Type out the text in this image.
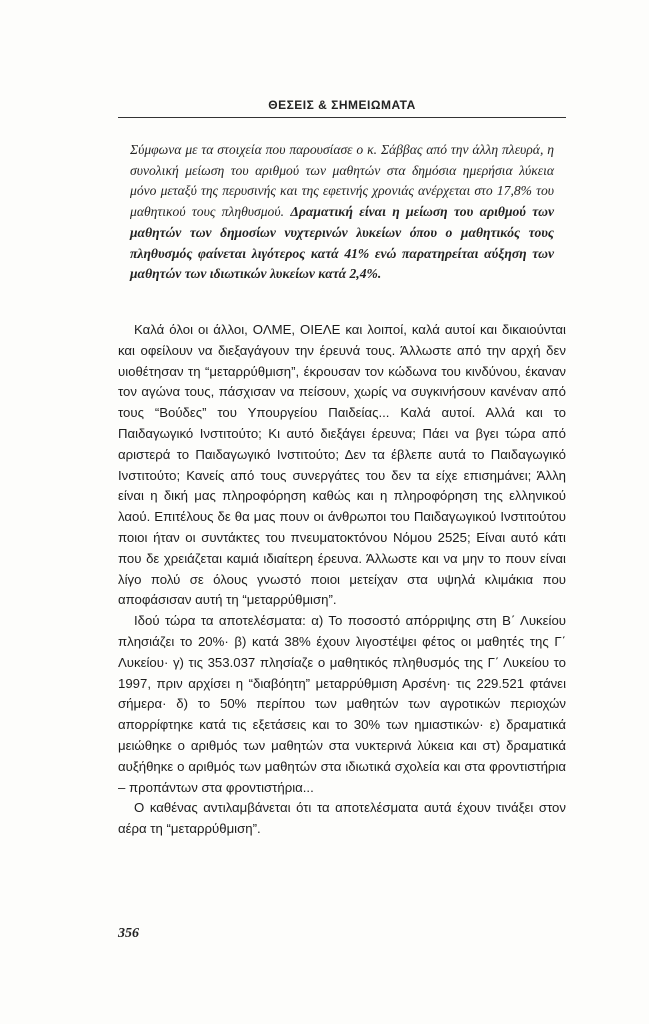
ΘΕΣΕΙΣ & ΣΗΜΕΙΩΜΑΤΑ
Σύμφωνα με τα στοιχεία που παρουσίασε ο κ. Σάββας από την άλλη πλευρά, η συνολική μείωση του αριθμού των μαθητών στα δημόσια ημερήσια λύκεια μόνο μεταξύ της περυσινής και της εφετινής χρονιάς ανέρχεται στο 17,8% του μαθητικού τους πληθυσμού. Δραματική είναι η μείωση του αριθμού των μαθητών των δημοσίων νυχτερινών λυκείων όπου ο μαθητικός τους πληθυσμός φαίνεται λιγότερος κατά 41% ενώ παρατηρείται αύξηση των μαθητών των ιδιωτικών λυκείων κατά 2,4%.

Καλά όλοι οι άλλοι, ΟΛΜΕ, ΟΙΕΛΕ και λοιποί, καλά αυτοί και δικαιούνται και οφείλουν να διεξαγάγουν την έρευνά τους. Άλλωστε από την αρχή δεν υιοθέτησαν τη “μεταρρύθμιση”, έκρουσαν τον κώδωνα του κινδύνου, έκαναν τον αγώνα τους, πάσχισαν να πείσουν, χωρίς να συγκινήσουν κανέναν από τους “Βούδες” του Υπουργείου Παιδείας... Καλά αυτοί. Αλλά και το Παιδαγωγικό Ινστιτούτο; Κι αυτό διεξάγει έρευνα; Πάει να βγει τώρα από αριστερά το Παιδαγωγικό Ινστιτούτο; Δεν τα έβλεπε αυτά το Παιδαγωγικό Ινστιτούτο; Κανείς από τους συνεργάτες του δεν τα είχε επισημάνει; Άλλη είναι η δική μας πληροφόρηση καθώς και η πληροφόρηση της ελληνικού λαού. Επιτέλους δε θα μας πουν οι άνθρωποι του Παιδαγωγικού Ινστιτούτου ποιοι ήταν οι συντάκτες του πνευματοκτόνου Νόμου 2525; Είναι αυτό κάτι που δε χρειάζεται καμιά ιδιαίτερη έρευνα. Άλλωστε και να μην το πουν είναι λίγο πολύ σε όλους γνωστό ποιοι μετείχαν στα υψηλά κλιμάκια που αποφάσισαν αυτή τη “μεταρρύθμιση”.

Ιδού τώρα τα αποτελέσματα: α) Το ποσοστό απόρριψης στη Β΄ Λυκείου πλησιάζει το 20%· β) κατά 38% έχουν λιγοστέψει φέτος οι μαθητές της Γ΄ Λυκείου· γ) τις 353.037 πλησίαζε ο μαθητικός πληθυσμός της Γ΄ Λυκείου το 1997, πριν αρχίσει η “διαβόητη” μεταρρύθμιση Αρσένη· τις 229.521 φτάνει σήμερα· δ) το 50% περίπου των μαθητών των αγροτικών περιοχών απορρίφτηκε κατά τις εξετάσεις και το 30% των ημιαστικών· ε) δραματικά μειώθηκε ο αριθμός των μαθητών στα νυκτερινά λύκεια και στ) δραματικά αυξήθηκε ο αριθμός των μαθητών στα ιδιωτικά σχολεία και στα φροντιστήρια – προπάντων στα φροντιστήρια...

Ο καθένας αντιλαμβάνεται ότι τα αποτελέσματα αυτά έχουν τινάξει στον αέρα τη “μεταρρύθμιση”.

356
